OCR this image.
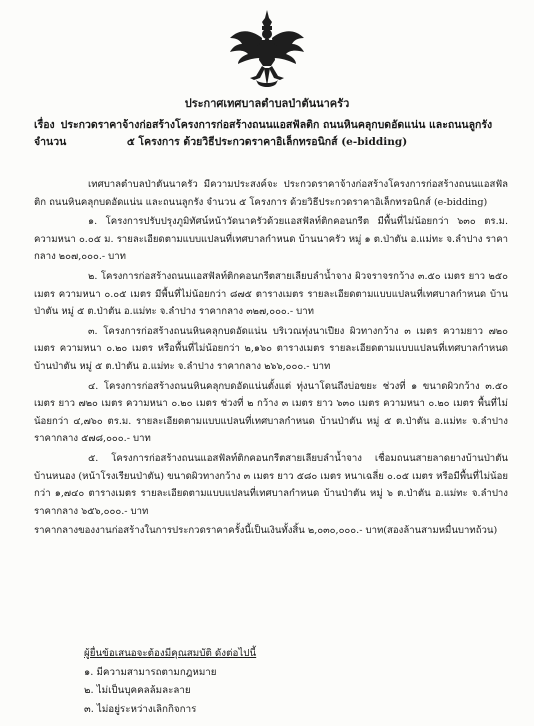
ประกาศเทศบาลตำบลป่าตันนาครัว
เรื่อง ประกวดราคาจ้างก่อสร้างโครงการก่อสร้างถนนแอสฟัลติก ถนนหินคลุกบดอัดแน่น และถนนลูกรัง จำนวน	๕ โครงการ ด้วยวิธีประกวดราคาอิเล็กทรอนิกส์ (e-bidding)

เทศบาลตำบลป่าตันนาครัว มีความประสงค์จะ ประกวดราคาจ้างก่อสร้างโครงการก่อสร้างถนนแอสฟัลติก ถนนหินคลุกบดอัดแน่น และถนนลูกรัง จำนวน ๕ โครงการ ด้วยวิธีประกวดราคาอิเล็กทรอนิกส์ (e-bidding)

๑. โครงการปรับปรุงภูมิทัศน์หน้าวัดนาครัวด้วยแอสฟัลท์ติกคอนกรีต มีพื้นที่ไม่น้อยกว่า ๖๓๐ ตร.ม. ความหนา ๐.๐๕ ม. รายละเอียดตามแบบแปลนที่เทศบาลกำหนด บ้านนาครัว หมู่ ๑ ต.ป่าตัน อ.แม่ทะ จ.ลำปาง ราคากลาง ๒๐๗,๐๐๐.- บาท

๒. โครงการก่อสร้างถนนแอสฟัลท์ติกคอนกรีตสายเลียบลำน้ำจาง ผิวจราจรกว้าง ๓.๕๐ เมตร ยาว ๒๕๐ เมตร ความหนา ๐.๐๕ เมตร มีพื้นที่ไม่น้อยกว่า ๘๗๕ ตารางเมตร รายละเอียดตามแบบแปลนที่เทศบาลกำหนด บ้านป่าตัน หมู่ ๕ ต.ป่าตัน อ.แม่ทะ จ.ลำปาง ราคากลาง ๓๒๗,๐๐๐.- บาท

๓. โครงการก่อสร้างถนนหินคลุกบดอัดแน่น บริเวณทุ่งนาเปียง ผิวทางกว้าง ๓ เมตร ความยาว ๗๒๐ เมตร ความหนา ๐.๒๐ เมตร หรือพื้นที่ไม่น้อยกว่า ๒,๑๖๐ ตารางเมตร รายละเอียดตามแบบแปลนที่เทศบาลกำหนด บ้านป่าตัน หมู่ ๕ ต.ป่าตัน อ.แม่ทะ จ.ลำปาง ราคากลาง ๒๖๖,๐๐๐.- บาท

๔. โครงการก่อสร้างถนนหินคลุกบดอัดแน่นตั้งแต่ ทุ่งนาโดนถึงบ่อขยะ ช่วงที่ ๑ ขนาดผิวกว้าง ๓.๕๐ เมตร ยาว ๗๒๐ เมตร ความหนา ๐.๒๐ เมตร ช่วงที่ ๒ กว้าง ๓ เมตร ยาว ๖๓๐ เมตร ความหนา ๐.๒๐ เมตร พื้นที่ไม่น้อยกว่า ๔,๗๖๐ ตร.ม. รายละเอียดตามแบบแปลนที่เทศบาลกำหนด บ้านป่าตัน หมู่ ๕ ต.ป่าตัน อ.แม่ทะ จ.ลำปาง ราคากลาง ๕๗๘,๐๐๐.- บาท

๕. โครงการก่อสร้างถนนแอสฟัลท์ติกคอนกรีตสายเลียบลำน้ำจาง เชื่อมถนนสายลาดยางบ้านป่าตัน บ้านหนอง (หน้าโรงเรียนป่าตัน) ขนาดผิวทางกว้าง ๓ เมตร ยาว ๕๘๐ เมตร หนาเฉลี่ย ๐.๐๕ เมตร หรือมีพื้นที่ไม่น้อยกว่า ๑,๗๔๐ ตารางเมตร รายละเอียดตามแบบแปลนที่เทศบาลกำหนด บ้านป่าตัน หมู่ ๖ ต.ป่าตัน อ.แม่ทะ จ.ลำปาง ราคากลาง ๖๕๖,๐๐๐.- บาท

ราคากลางของงานก่อสร้างในการประกวดราคาครั้งนี้เป็นเงินทั้งสิ้น ๒,๐๓๐,๐๐๐.- บาท(สองล้านสามหมื่นบาทถ้วน)

ผู้ยื่นข้อเสนอจะต้องมีคุณสมบัติ ดังต่อไปนี้
๑. มีความสามารถตามกฎหมาย
๒. ไม่เป็นบุคคลล้มละลาย
๓. ไม่อยู่ระหว่างเลิกกิจการ
